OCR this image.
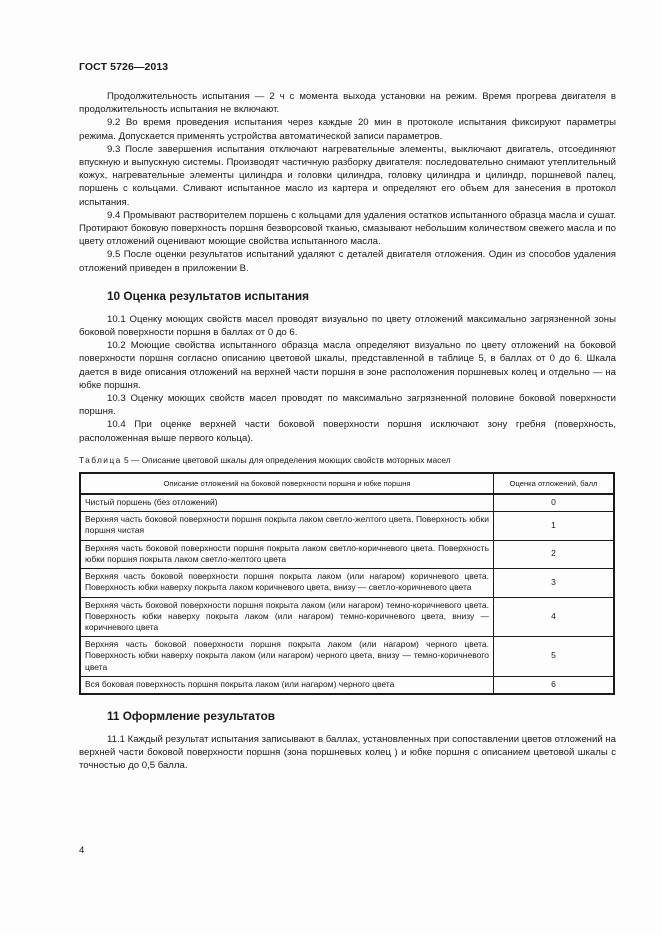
ГОСТ 5726—2013

Продолжительность испытания — 2 ч с момента выхода установки на режим. Время прогрева двигателя в продолжительность испытания не включают.

9.2 Во время проведения испытания через каждые 20 мин в протоколе испытания фиксируют параметры режима. Допускается применять устройства автоматической записи параметров.

9.3 После завершения испытания отключают нагревательные элементы, выключают двигатель, отсоединяют впускную и выпускную системы. Производят частичную разборку двигателя: последовательно снимают утеплительный кожух, нагревательные элементы цилиндра и головки цилиндра, головку цилиндра и цилиндр, поршневой палец, поршень с кольцами. Сливают испытанное масло из картера и определяют его объем для занесения в протокол испытания.

9.4 Промывают растворителем поршень с кольцами для удаления остатков испытанного образца масла и сушат. Протирают боковую поверхность поршня безворсовой тканью, смазывают небольшим количеством свежего масла и по цвету отложений оценивают моющие свойства испытанного масла.

9.5 После оценки результатов испытаний удаляют с деталей двигателя отложения. Один из способов удаления отложений приведен в приложении В.

10 Оценка результатов испытания

10.1 Оценку моющих свойств масел проводят визуально по цвету отложений максимально загрязненной зоны боковой поверхности поршня в баллах от 0 до 6.

10.2 Моющие свойства испытанного образца масла определяют визуально по цвету отложений на боковой поверхности поршня согласно описанию цветовой шкалы, представленной в таблице 5, в баллах от 0 до 6. Шкала дается в виде описания отложений на верхней части поршня в зоне расположения поршневых колец и отдельно — на юбке поршня.

10.3 Оценку моющих свойств масел проводят по максимально загрязненной половине боковой поверхности поршня.

10.4 При оценке верхней части боковой поверхности поршня исключают зону гребня (поверхность, расположенная выше первого кольца).

Таблица 5 — Описание цветовой шкалы для определения моющих свойств моторных масел
Описание отложений на боковой поверхности поршня и юбке поршня	Оценка отложений, балл
Чистый поршень (без отложений)	0
Верхняя часть боковой поверхности поршня покрыта лаком светло-желтого цвета. Поверхность юбки поршня чистая	1
Верхняя часть боковой поверхности поршня покрыта лаком светло-коричневого цвета. Поверхность юбки поршня покрыта лаком светло-желтого цвета	2
Верхняя часть боковой поверхности поршня покрыта лаком (или нагаром) коричневого цвета. Поверхность юбки наверху покрыта лаком коричневого цвета, внизу — светло-коричневого цвета	3
Верхняя часть боковой поверхности поршня покрыта лаком (или нагаром) темно-коричневого цвета. Поверхность юбки наверху покрыта лаком (или нагаром) темно-коричневого цвета, внизу — коричневого цвета	4
Верхняя часть боковой поверхности поршня покрыта лаком (или нагаром) черного цвета. Поверхность юбки наверху покрыта лаком (или нагаром) черного цвета, внизу — темно-коричневого цвета	5
Вся боковая поверхность поршня покрыта лаком (или нагаром) черного цвета	6
11 Оформление результатов

11.1 Каждый результат испытания записывают в баллах, установленных при сопоставлении цветов отложений на верхней части боковой поверхности поршня (зона поршневых колец ) и юбке поршня с описанием цветовой шкалы с точностью до 0,5 балла.

4
